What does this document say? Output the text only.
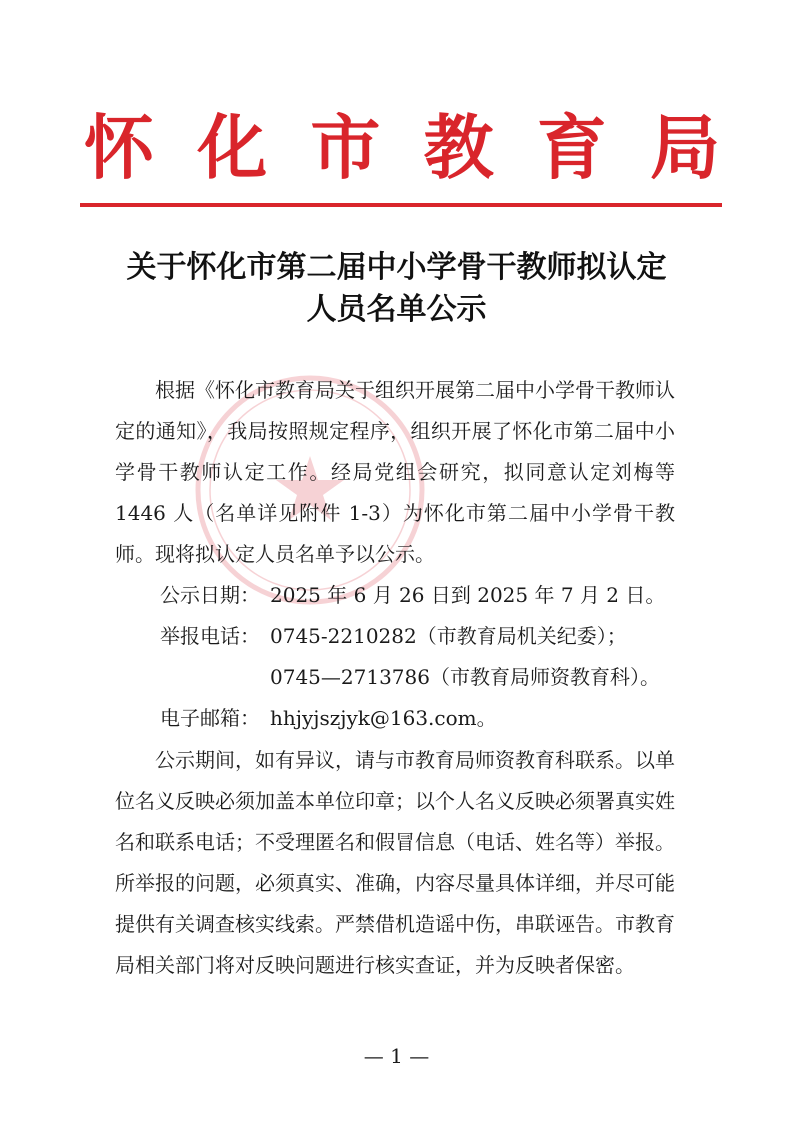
怀 化 市 教 育 局
关于怀化市第二届中小学骨干教师拟认定
人员名单公示

根据《怀化市教育局关于组织开展第二届中小学骨干教师认定的通知》，我局按照规定程序，组织开展了怀化市第二届中小学骨干教师认定工作。经局党组会研究，拟同意认定刘梅等 1446 人（名单详见附件 1-3）为怀化市第二届中小学骨干教师。现将拟认定人员名单予以公示。

公示日期： 2025 年 6 月 26 日到 2025 年 7 月 2 日。
举报电话： 0745-2210282（市教育局机关纪委）；
0745—2713786（市教育局师资教育科）。
电子邮箱： hhjyjszjyk@163.com。

公示期间，如有异议，请与市教育局师资教育科联系。以单位名义反映必须加盖本单位印章；以个人名义反映必须署真实姓名和联系电话；不受理匿名和假冒信息（电话、姓名等）举报。所举报的问题，必须真实、准确，内容尽量具体详细，并尽可能提供有关调查核实线索。严禁借机造谣中伤，串联诬告。市教育局相关部门将对反映问题进行核实查证，并为反映者保密。

— 1 —
